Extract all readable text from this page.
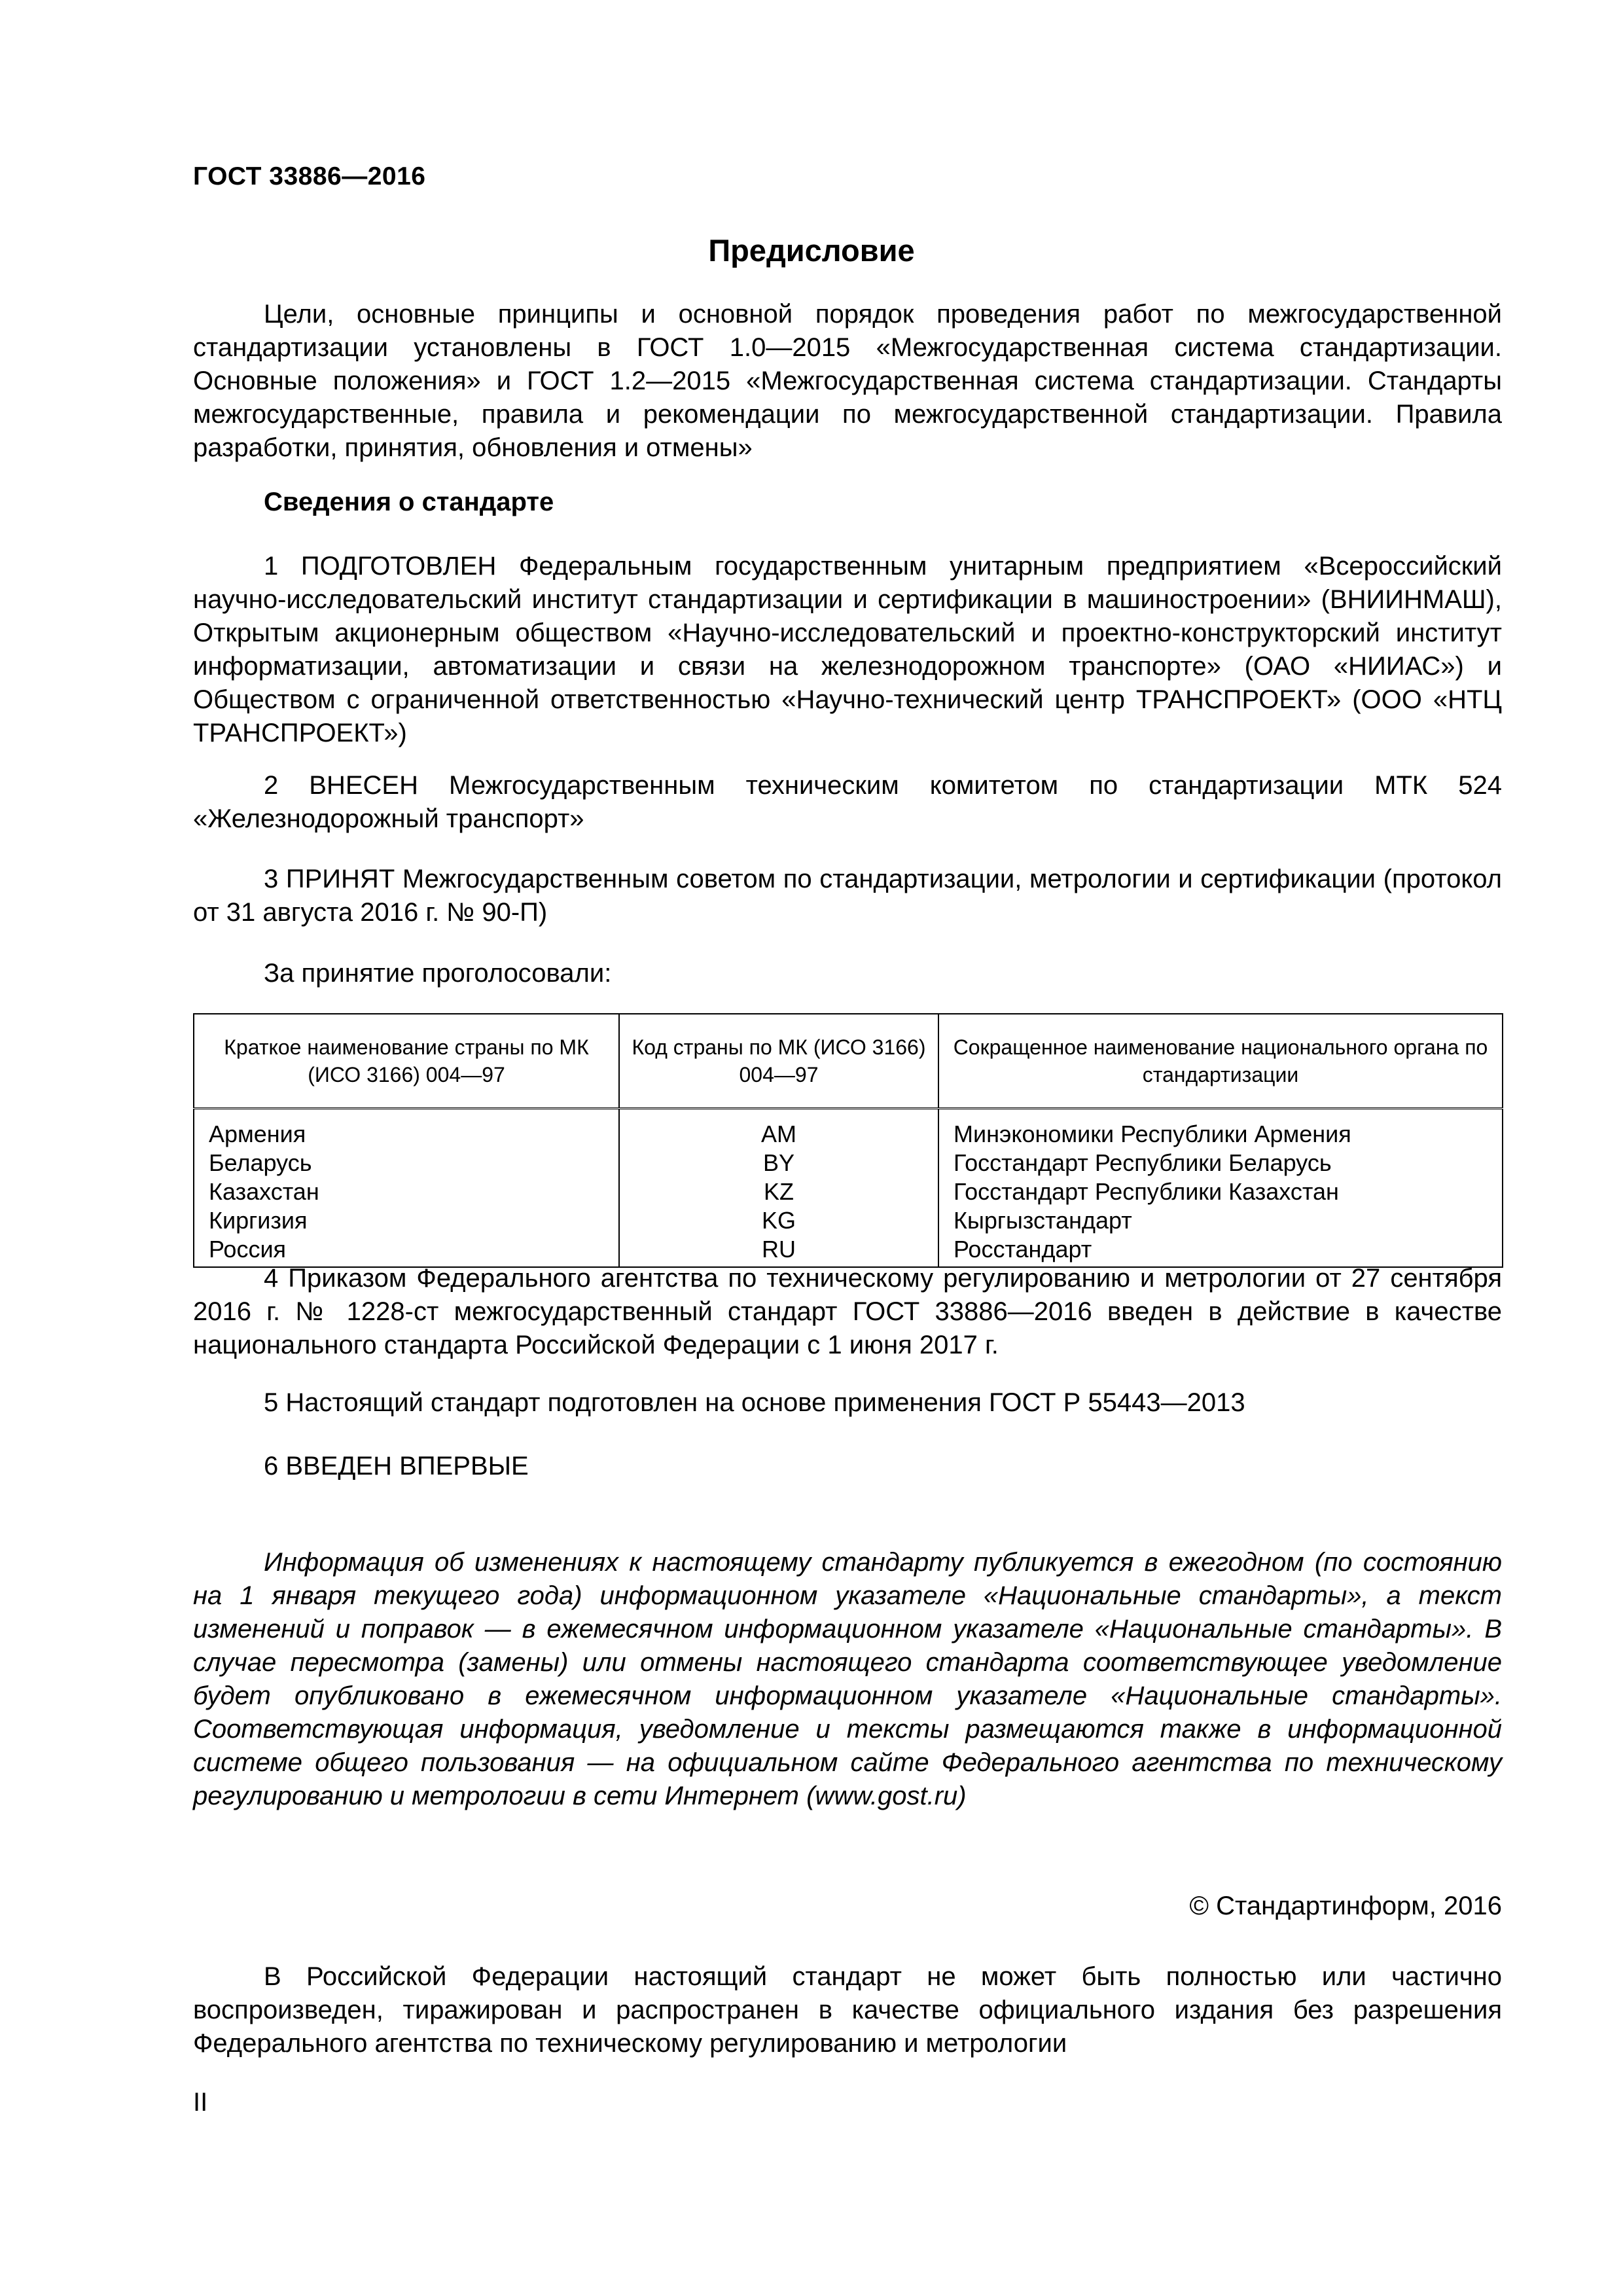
ГОСТ 33886—2016
Предисловие

Цели, основные принципы и основной порядок проведения работ по межгосударственной стандартизации установлены в ГОСТ 1.0—2015 «Межгосударственная система стандартизации. Основные положения» и ГОСТ 1.2—2015 «Межгосударственная система стандартизации. Стандарты межгосударственные, правила и рекомендации по межгосударственной стандартизации. Правила разработки, принятия, обновления и отмены»

Сведения о стандарте

1 ПОДГОТОВЛЕН Федеральным государственным унитарным предприятием «Всероссийский научно-исследовательский институт стандартизации и сертификации в машиностроении» (ВНИИНМАШ), Открытым акционерным обществом «Научно-исследовательский и проектно-конструкторский институт информатизации, автоматизации и связи на железнодорожном транспорте» (ОАО «НИИАС») и Обществом с ограниченной ответственностью «Научно-технический центр ТРАНСПРОЕКТ» (ООО «НТЦ ТРАНСПРОЕКТ»)

2 ВНЕСЕН Межгосударственным техническим комитетом по стандартизации МТК 524 «Железнодорожный транспорт»

3 ПРИНЯТ Межгосударственным советом по стандартизации, метрологии и сертификации (протокол от 31 августа 2016 г. № 90-П)

За принятие проголосовали:
Краткое наименование страны по МК (ИСО 3166) 004—97	Код страны по МК (ИСО 3166) 004—97	Сокращенное наименование национального органа по стандартизации

Армения	AM	Минэкономики Республики Армения
Беларусь	BY	Госстандарт Республики Беларусь
Казахстан	KZ	Госстандарт Республики Казахстан
Киргизия	KG	Кыргызстандарт
Россия	RU	Росстандарт

4 Приказом Федерального агентства по техническому регулированию и метрологии от 27 сентября 2016 г. № 1228-ст межгосударственный стандарт ГОСТ 33886—2016 введен в действие в качестве национального стандарта Российской Федерации с 1 июня 2017 г.

5 Настоящий стандарт подготовлен на основе применения ГОСТ Р 55443—2013

6 ВВЕДЕН ВПЕРВЫЕ

Информация об изменениях к настоящему стандарту публикуется в ежегодном (по состоянию на 1 января текущего года) информационном указателе «Национальные стандарты», а текст изменений и поправок — в ежемесячном информационном указателе «Национальные стандарты». В случае пересмотра (замены) или отмены настоящего стандарта соответствующее уведомление будет опубликовано в ежемесячном информационном указателе «Национальные стандарты». Соответствующая информация, уведомление и тексты размещаются также в информационной системе общего пользования — на официальном сайте Федерального агентства по техническому регулированию и метрологии в сети Интернет (www.gost.ru)

© Стандартинформ, 2016

В Российской Федерации настоящий стандарт не может быть полностью или частично воспроизведен, тиражирован и распространен в качестве официального издания без разрешения Федерального агентства по техническому регулированию и метрологии

II
